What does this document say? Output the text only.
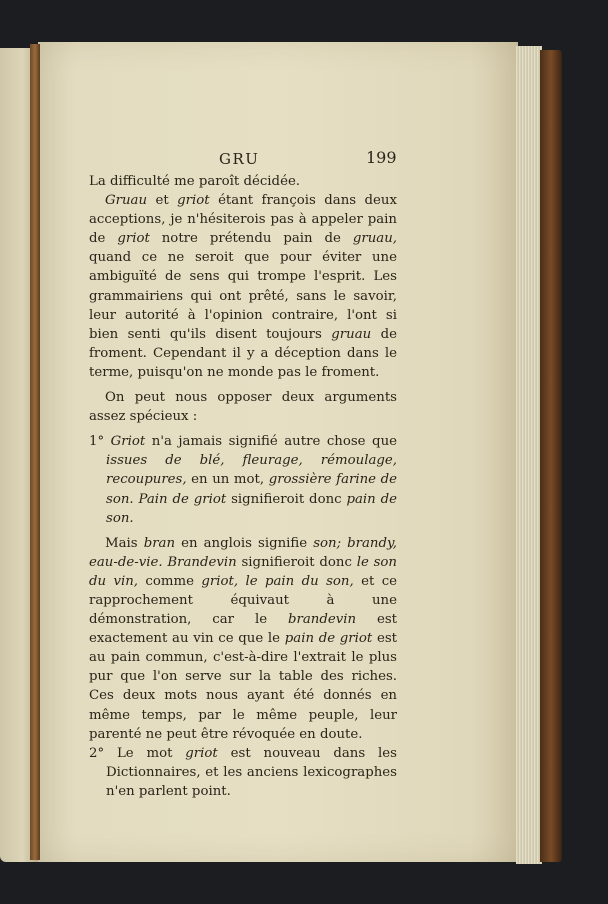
GRU	199

La difficulté me paroît décidée.

Gruau et griot étant françois dans deux acceptions, je n'hésiterois pas à appeler pain de griot notre prétendu pain de gruau, quand ce ne seroit que pour éviter une ambiguïté de sens qui trompe l'esprit. Les grammairiens qui ont prêté, sans le savoir, leur autorité à l'opinion contraire, l'ont si bien senti qu'ils disent toujours gruau de froment. Cependant il y a déception dans le terme, puisqu'on ne monde pas le froment.

On peut nous opposer deux arguments assez spécieux :

1° Griot n'a jamais signifié autre chose que issues de blé, fleurage, rémoulage, recoupures, en un mot, grossière farine de son. Pain de griot signifieroit donc pain de son.

Mais bran en anglois signifie son; brandy, eau-de-vie. Brandevin signifieroit donc le son du vin, comme griot, le pain du son, et ce rapprochement équivaut à une démonstration, car le brandevin est exactement au vin ce que le pain de griot est au pain commun, c'est-à-dire l'extrait le plus pur que l'on serve sur la table des riches. Ces deux mots nous ayant été donnés en même temps, par le même peuple, leur parenté ne peut être révoquée en doute.

2° Le mot griot est nouveau dans les Dictionnaires, et les anciens lexicographes n'en parlent point.
